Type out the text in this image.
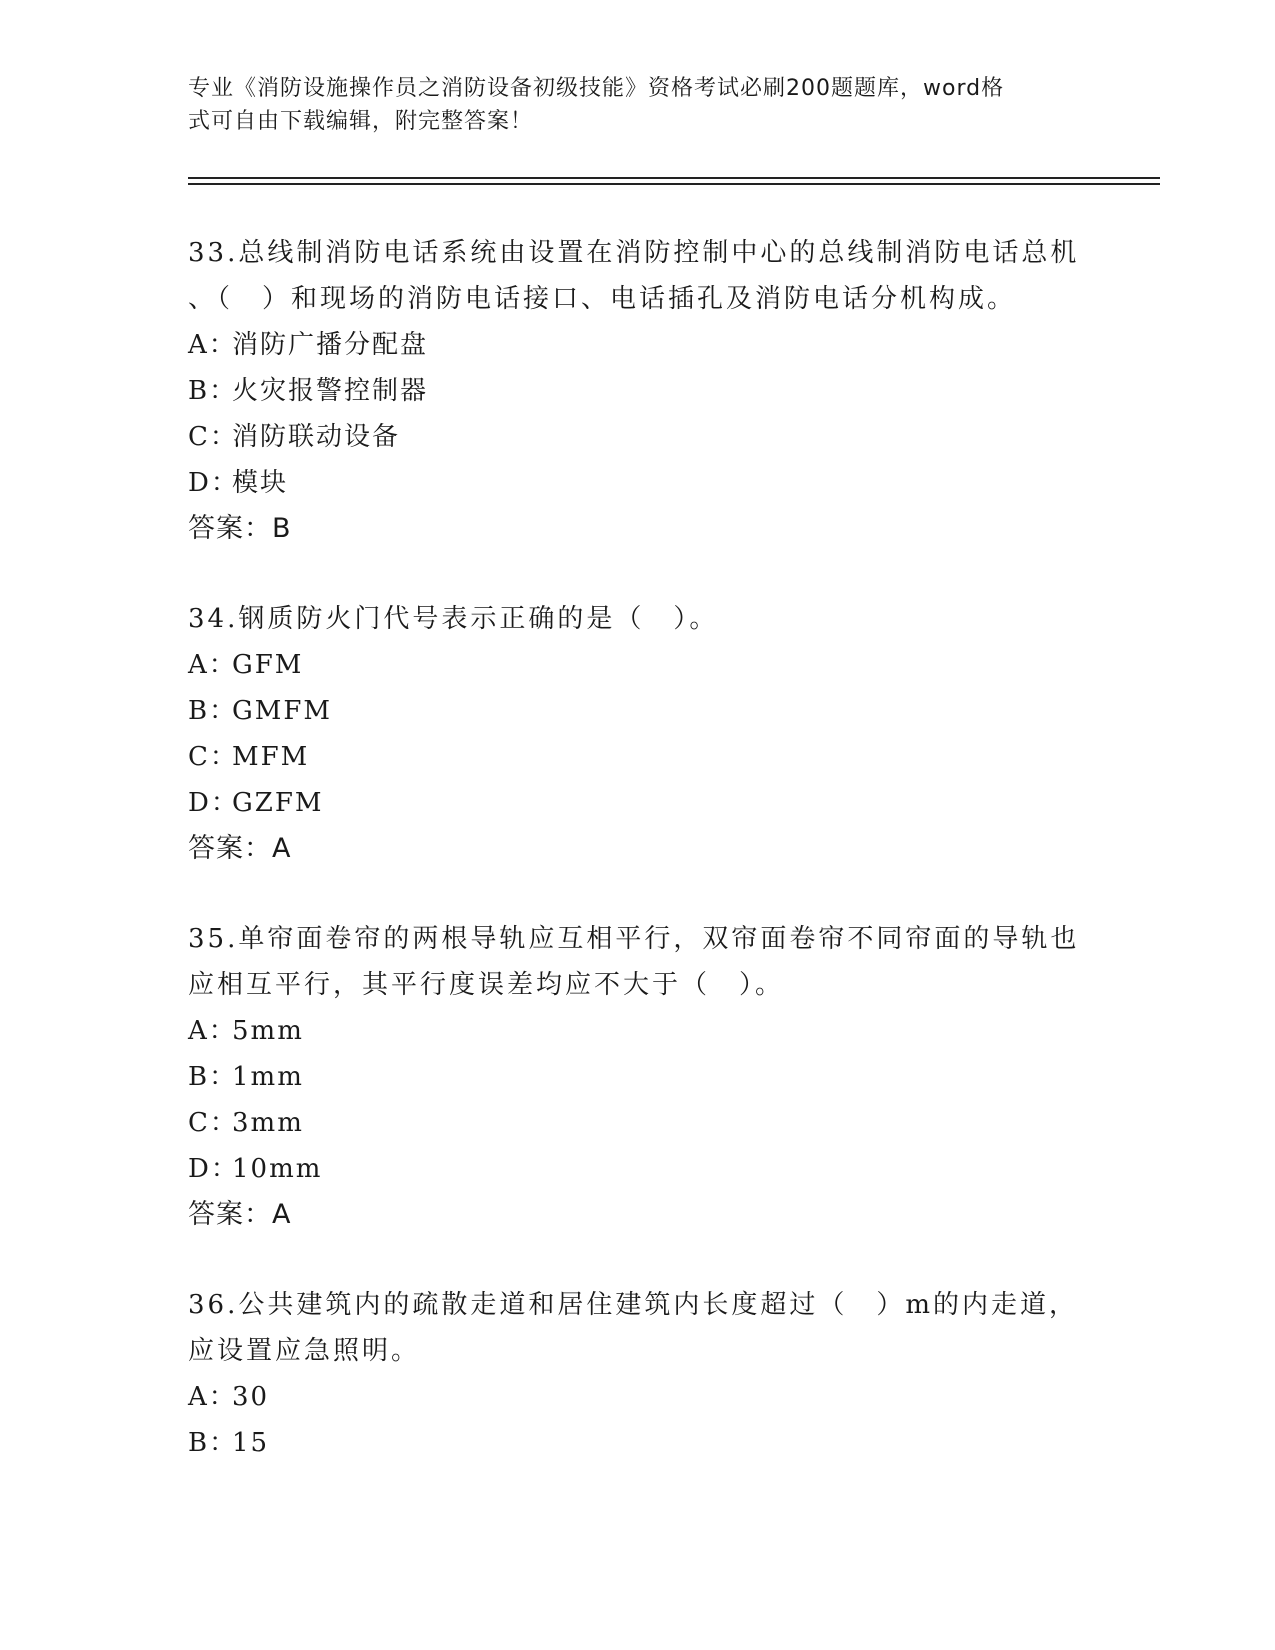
专业《消防设施操作员之消防设备初级技能》资格考试必刷200题题库，word格
式可自由下载编辑，附完整答案！
33.总线制消防电话系统由设置在消防控制中心的总线制消防电话总机
、（　）和现场的消防电话接口、电话插孔及消防电话分机构成。
A：消防广播分配盘
B：火灾报警控制器
C：消防联动设备
D：模块
答案：B
34.钢质防火门代号表示正确的是（　）。
A：GFM
B：GMFM
C：MFM
D：GZFM
答案：A
35.单帘面卷帘的两根导轨应互相平行，双帘面卷帘不同帘面的导轨也
应相互平行，其平行度误差均应不大于（　）。
A：5mm
B：1mm
C：3mm
D：10mm
答案：A
36.公共建筑内的疏散走道和居住建筑内长度超过（　）m的内走道，
应设置应急照明。
A：30
B：15
